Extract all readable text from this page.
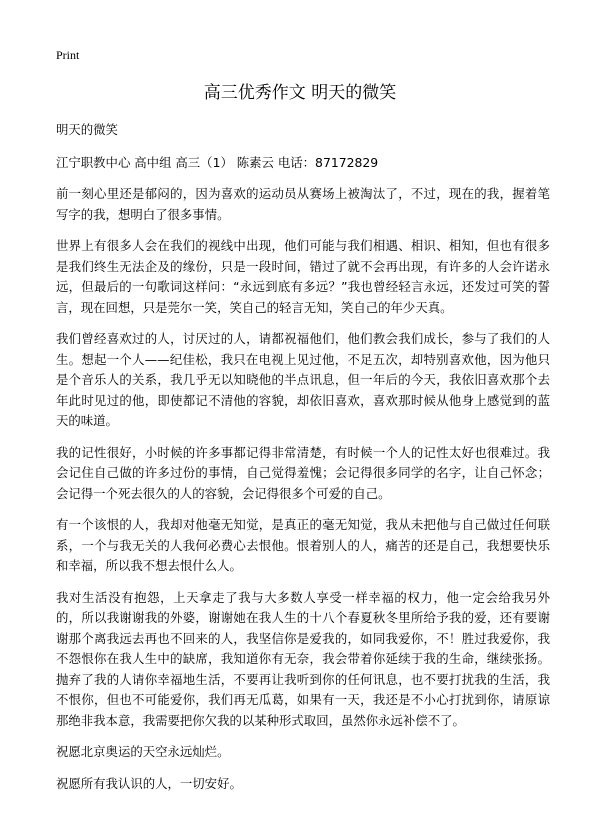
Print
高三优秀作文 明天的微笑

明天的微笑

江宁职教中心 高中组 高三（1） 陈素云 电话：87172829

前一刻心里还是郁闷的，因为喜欢的运动员从赛场上被淘汰了，不过，现在的我，握着笔写字的我，想明白了很多事情。

世界上有很多人会在我们的视线中出现，他们可能与我们相遇、相识、相知，但也有很多是我们终生无法企及的缘份，只是一段时间，错过了就不会再出现，有许多的人会许诺永远，但最后的一句歌词这样问：“永远到底有多远？”我也曾经轻言永远，还发过可笑的誓言，现在回想，只是莞尔一笑，笑自己的轻言无知，笑自己的年少天真。

我们曾经喜欢过的人，讨厌过的人，请都祝福他们，他们教会我们成长，参与了我们的人生。想起一个人——纪佳松，我只在电视上见过他，不足五次，却特别喜欢他，因为他只是个音乐人的关系，我几乎无以知晓他的半点讯息，但一年后的今天，我依旧喜欢那个去年此时见过的他，即使都记不清他的容貌，却依旧喜欢，喜欢那时候从他身上感觉到的蓝天的味道。

我的记性很好，小时候的许多事都记得非常清楚，有时候一个人的记性太好也很难过。我会记住自己做的许多过份的事情，自己觉得羞愧；会记得很多同学的名字，让自己怀念；会记得一个死去很久的人的容貌，会记得很多个可爱的自己。

有一个该恨的人，我却对他毫无知觉，是真正的毫无知觉，我从未把他与自己做过任何联系，一个与我无关的人我何必费心去恨他。恨着别人的人，痛苦的还是自己，我想要快乐和幸福，所以我不想去恨什么人。

我对生活没有抱怨，上天拿走了我与大多数人享受一样幸福的权力，他一定会给我另外的，所以我谢谢我的外婆，谢谢她在我人生的十八个春夏秋冬里所给予我的爱，还有要谢谢那个离我远去再也不回来的人，我坚信你是爱我的，如同我爱你，不！胜过我爱你，我不怨恨你在我人生中的缺席，我知道你有无奈，我会带着你延续于我的生命，继续张扬。抛弃了我的人请你幸福地生活，不要再让我听到你的任何讯息，也不要打扰我的生活，我不恨你，但也不可能爱你，我们再无瓜葛，如果有一天，我还是不小心打扰到你，请原谅那绝非我本意，我需要把你欠我的以某种形式取回，虽然你永远补偿不了。

祝愿北京奥运的天空永远灿烂。

祝愿所有我认识的人，一切安好。
